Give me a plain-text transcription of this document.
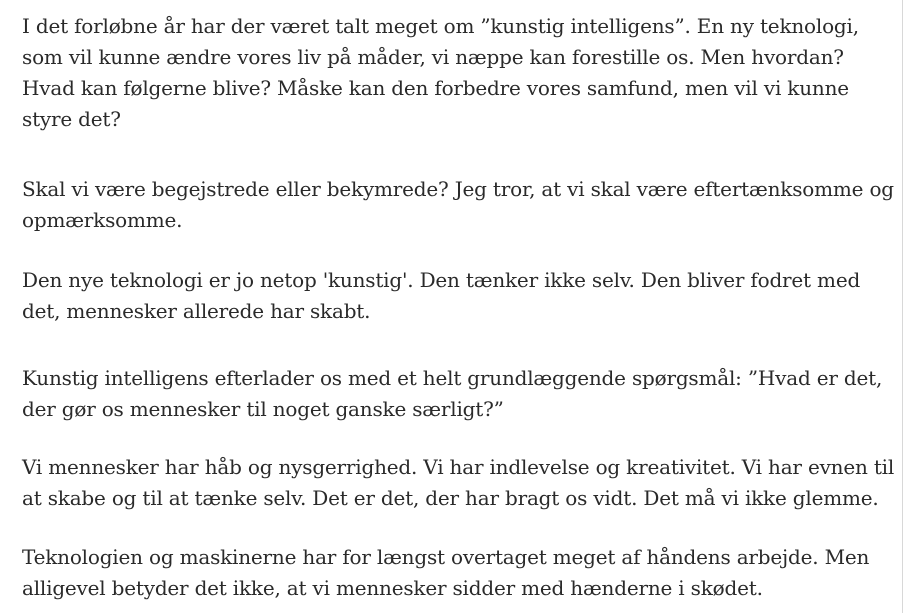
I det forløbne år har der været talt meget om ”kunstig intelligens”. En ny teknologi,
som vil kunne ændre vores liv på måder, vi næppe kan forestille os. Men hvordan?
Hvad kan følgerne blive? Måske kan den forbedre vores samfund, men vil vi kunne
styre det?

Skal vi være begejstrede eller bekymrede? Jeg tror, at vi skal være eftertænksomme og
opmærksomme.

Den nye teknologi er jo netop 'kunstig'. Den tænker ikke selv. Den bliver fodret med
det, mennesker allerede har skabt.

Kunstig intelligens efterlader os med et helt grundlæggende spørgsmål: ”Hvad er det,
der gør os mennesker til noget ganske særligt?”

Vi mennesker har håb og nysgerrighed. Vi har indlevelse og kreativitet. Vi har evnen til
at skabe og til at tænke selv. Det er det, der har bragt os vidt. Det må vi ikke glemme.

Teknologien og maskinerne har for længst overtaget meget af håndens arbejde. Men
alligevel betyder det ikke, at vi mennesker sidder med hænderne i skødet.
